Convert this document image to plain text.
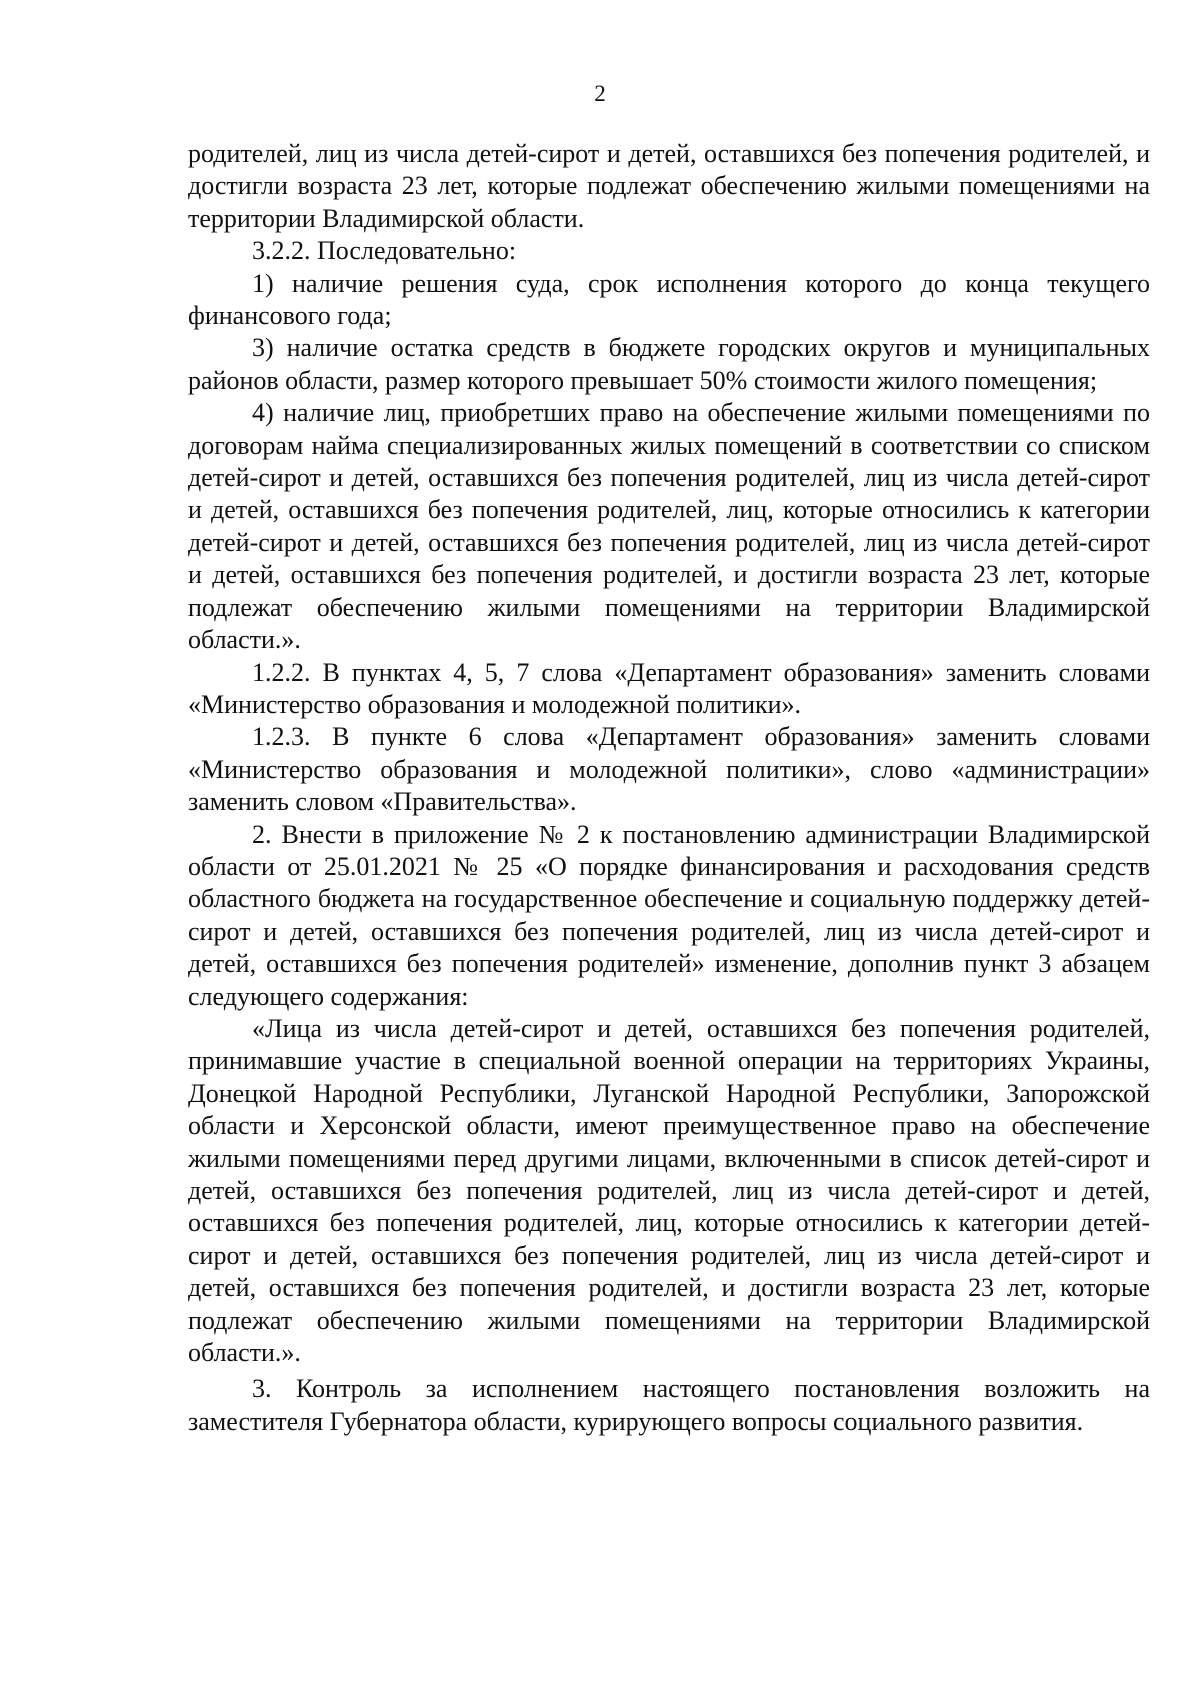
2

родителей, лиц из числа детей-сирот и детей, оставшихся без попечения родителей, и достигли возраста 23 лет, которые подлежат обеспечению жилыми помещениями на территории Владимирской области.

3.2.2. Последовательно:

1) наличие решения суда, срок исполнения которого до конца текущего финансового года;

3) наличие остатка средств в бюджете городских округов и муниципальных районов области, размер которого превышает 50% стоимости жилого помещения;

4) наличие лиц, приобретших право на обеспечение жилыми помещениями по договорам найма специализированных жилых помещений в соответствии со списком детей-сирот и детей, оставшихся без попечения родителей, лиц из числа детей-сирот и детей, оставшихся без попечения родителей, лиц, которые относились к категории детей-сирот и детей, оставшихся без попечения родителей, лиц из числа детей-сирот и детей, оставшихся без попечения родителей, и достигли возраста 23 лет, которые подлежат обеспечению жилыми помещениями на территории Владимирской области.».

1.2.2. В пунктах 4, 5, 7 слова «Департамент образования» заменить словами «Министерство образования и молодежной политики».

1.2.3. В пункте 6 слова «Департамент образования» заменить словами «Министерство образования и молодежной политики», слово «администрации» заменить словом «Правительства».

2. Внести в приложение № 2 к постановлению администрации Владимирской области от 25.01.2021 № 25 «О порядке финансирования и расходования средств областного бюджета на государственное обеспечение и социальную поддержку детей-сирот и детей, оставшихся без попечения родителей, лиц из числа детей-сирот и детей, оставшихся без попечения родителей» изменение, дополнив пункт 3 абзацем следующего содержания:

«Лица из числа детей-сирот и детей, оставшихся без попечения родителей, принимавшие участие в специальной военной операции на территориях Украины, Донецкой Народной Республики, Луганской Народной Республики, Запорожской области и Херсонской области, имеют преимущественное право на обеспечение жилыми помещениями перед другими лицами, включенными в список детей-сирот и детей, оставшихся без попечения родителей, лиц из числа детей-сирот и детей, оставшихся без попечения родителей, лиц, которые относились к категории детей-сирот и детей, оставшихся без попечения родителей, лиц из числа детей-сирот и детей, оставшихся без попечения родителей, и достигли возраста 23 лет, которые подлежат обеспечению жилыми помещениями на территории Владимирской области.».

3. Контроль за исполнением настоящего постановления возложить на заместителя Губернатора области, курирующего вопросы социального развития.
